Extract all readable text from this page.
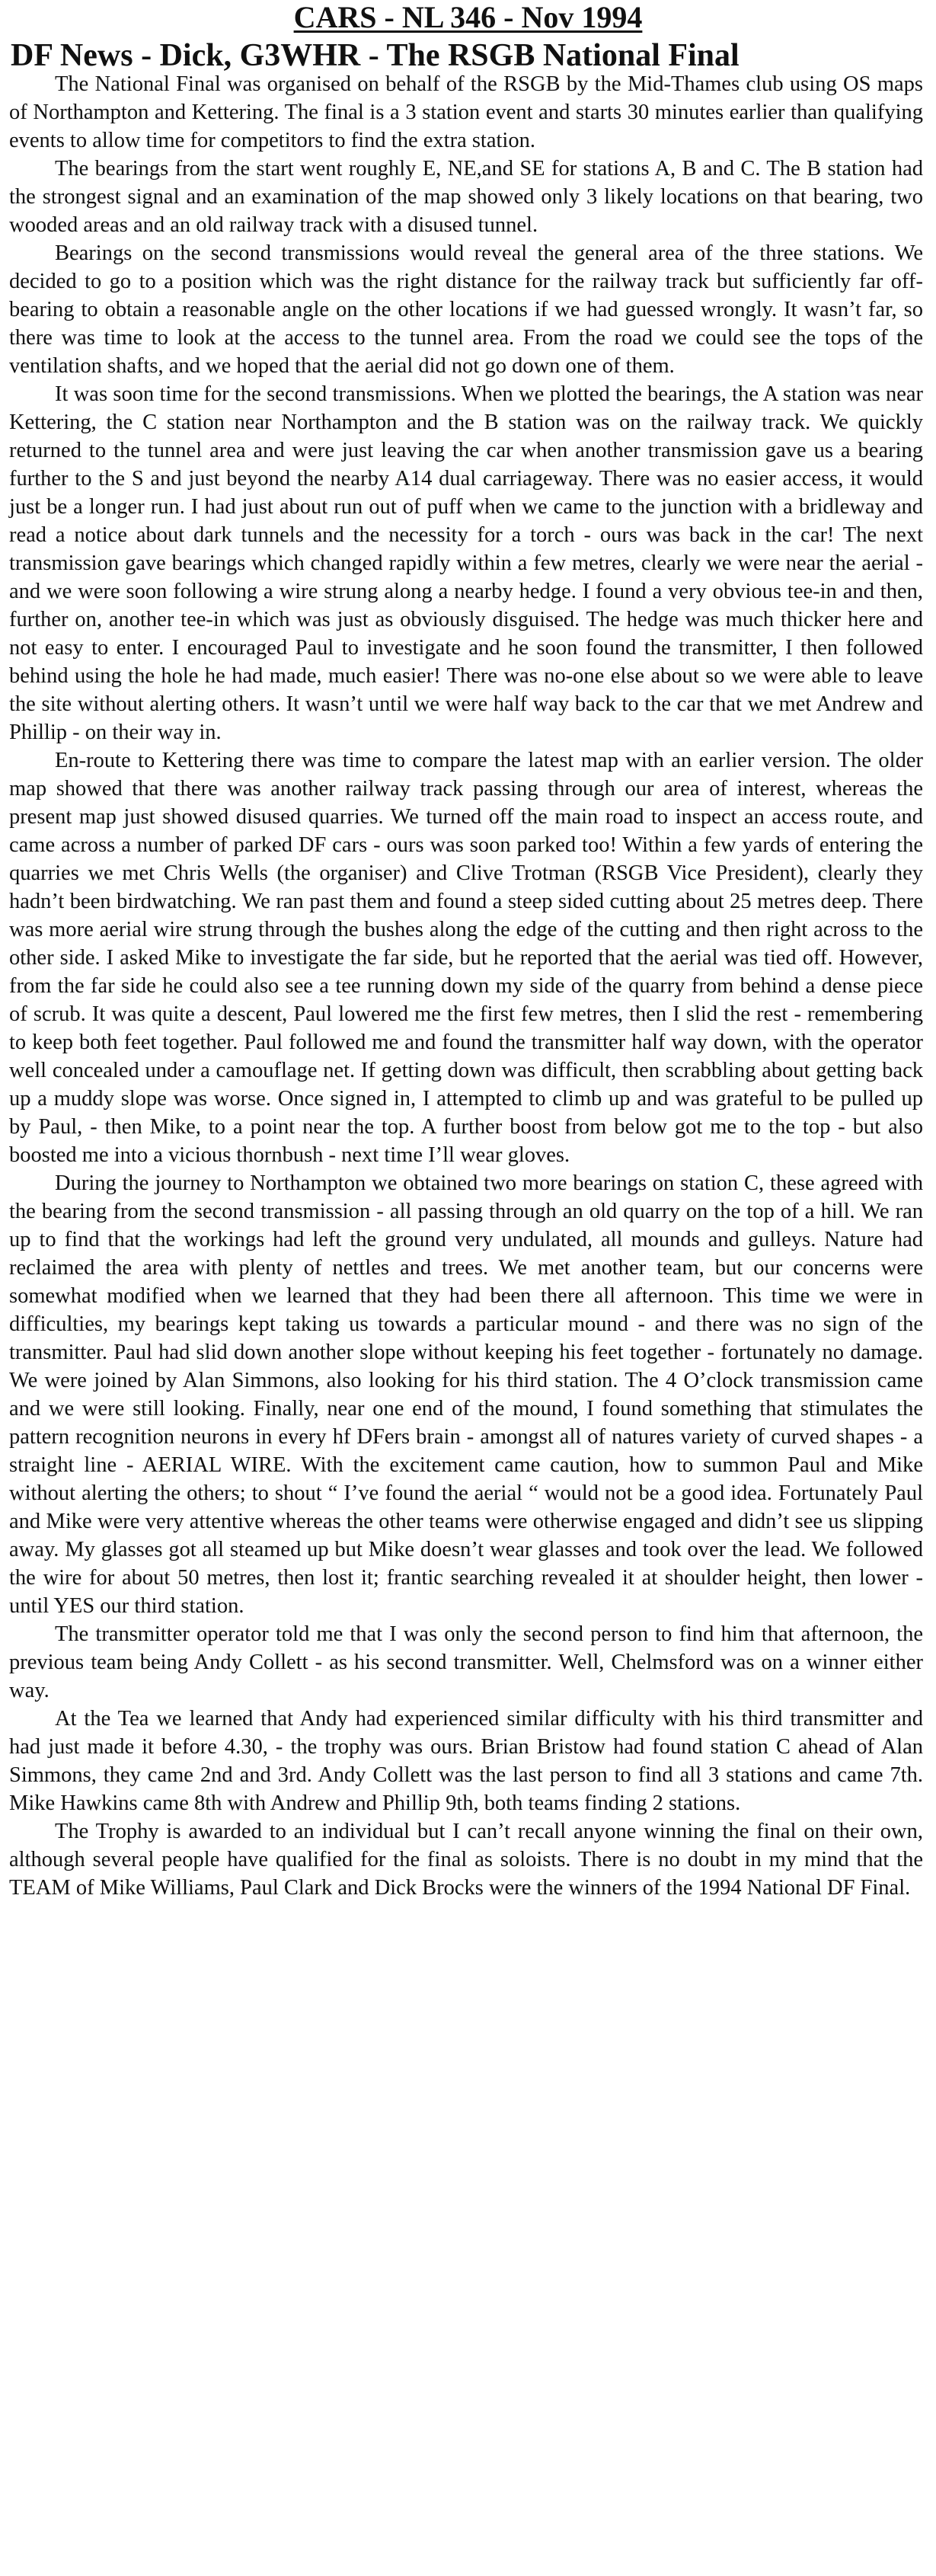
CARS - NL 346 - Nov 1994
DF News - Dick, G3WHR - The RSGB National Final

The National Final was organised on behalf of the RSGB by the Mid-Thames club using OS maps of Northampton and Kettering. The final is a 3 station event and starts 30 minutes earlier than qualifying events to allow time for competitors to find the extra station.

The bearings from the start went roughly E, NE,and SE for stations A, B and C. The B station had the strongest signal and an examination of the map showed only 3 likely locations on that bearing, two wooded areas and an old railway track with a disused tunnel.

Bearings on the second transmissions would reveal the general area of the three stations. We decided to go to a position which was the right distance for the railway track but sufficiently far off-bearing to obtain a reasonable angle on the other locations if we had guessed wrongly. It wasn’t far, so there was time to look at the access to the tunnel area. From the road we could see the tops of the ventilation shafts, and we hoped that the aerial did not go down one of them.

It was soon time for the second transmissions. When we plotted the bearings, the A station was near Kettering, the C station near Northampton and the B station was on the railway track. We quickly returned to the tunnel area and were just leaving the car when another transmission gave us a bearing further to the S and just beyond the nearby A14 dual carriageway. There was no easier access, it would just be a longer run. I had just about run out of puff when we came to the junction with a bridleway and read a notice about dark tunnels and the necessity for a torch - ours was back in the car! The next transmission gave bearings which changed rapidly within a few metres, clearly we were near the aerial - and we were soon following a wire strung along a nearby hedge. I found a very obvious tee-in and then, further on, another tee-in which was just as obviously disguised. The hedge was much thicker here and not easy to enter. I encouraged Paul to investigate and he soon found the transmitter, I then followed behind using the hole he had made, much easier! There was no-one else about so we were able to leave the site without alerting others. It wasn’t until we were half way back to the car that we met Andrew and Phillip - on their way in.

En-route to Kettering there was time to compare the latest map with an earlier version. The older map showed that there was another railway track passing through our area of interest, whereas the present map just showed disused quarries. We turned off the main road to inspect an access route, and came across a number of parked DF cars - ours was soon parked too! Within a few yards of entering the quarries we met Chris Wells (the organiser) and Clive Trotman (RSGB Vice President), clearly they hadn’t been birdwatching. We ran past them and found a steep sided cutting about 25 metres deep. There was more aerial wire strung through the bushes along the edge of the cutting and then right across to the other side. I asked Mike to investigate the far side, but he reported that the aerial was tied off. However, from the far side he could also see a tee running down my side of the quarry from behind a dense piece of scrub. It was quite a descent, Paul lowered me the first few metres, then I slid the rest - remembering to keep both feet together. Paul followed me and found the transmitter half way down, with the operator well concealed under a camouflage net. If getting down was difficult, then scrabbling about getting back up a muddy slope was worse. Once signed in, I attempted to climb up and was grateful to be pulled up by Paul, - then Mike, to a point near the top. A further boost from below got me to the top - but also boosted me into a vicious thornbush - next time I’ll wear gloves.

During the journey to Northampton we obtained two more bearings on station C, these agreed with the bearing from the second transmission - all passing through an old quarry on the top of a hill. We ran up to find that the workings had left the ground very undulated, all mounds and gulleys. Nature had reclaimed the area with plenty of nettles and trees. We met another team, but our concerns were somewhat modified when we learned that they had been there all afternoon. This time we were in difficulties, my bearings kept taking us towards a particular mound - and there was no sign of the transmitter. Paul had slid down another slope without keeping his feet together - fortunately no damage. We were joined by Alan Simmons, also looking for his third station. The 4 O’clock transmission came and we were still looking. Finally, near one end of the mound, I found something that stimulates the pattern recognition neurons in every hf DFers brain - amongst all of natures variety of curved shapes - a straight line - AERIAL WIRE. With the excitement came caution, how to summon Paul and Mike without alerting the others; to shout “ I’ve found the aerial “ would not be a good idea. Fortunately Paul and Mike were very attentive whereas the other teams were otherwise engaged and didn’t see us slipping away. My glasses got all steamed up but Mike doesn’t wear glasses and took over the lead. We followed the wire for about 50 metres, then lost it; frantic searching revealed it at shoulder height, then lower - until YES our third station.

The transmitter operator told me that I was only the second person to find him that afternoon, the previous team being Andy Collett - as his second transmitter. Well, Chelmsford was on a winner either way.

At the Tea we learned that Andy had experienced similar difficulty with his third transmitter and had just made it before 4.30, - the trophy was ours. Brian Bristow had found station C ahead of Alan Simmons, they came 2nd and 3rd. Andy Collett was the last person to find all 3 stations and came 7th. Mike Hawkins came 8th with Andrew and Phillip 9th, both teams finding 2 stations.

The Trophy is awarded to an individual but I can’t recall anyone winning the final on their own, although several people have qualified for the final as soloists. There is no doubt in my mind that the TEAM of Mike Williams, Paul Clark and Dick Brocks were the winners of the 1994 National DF Final.
